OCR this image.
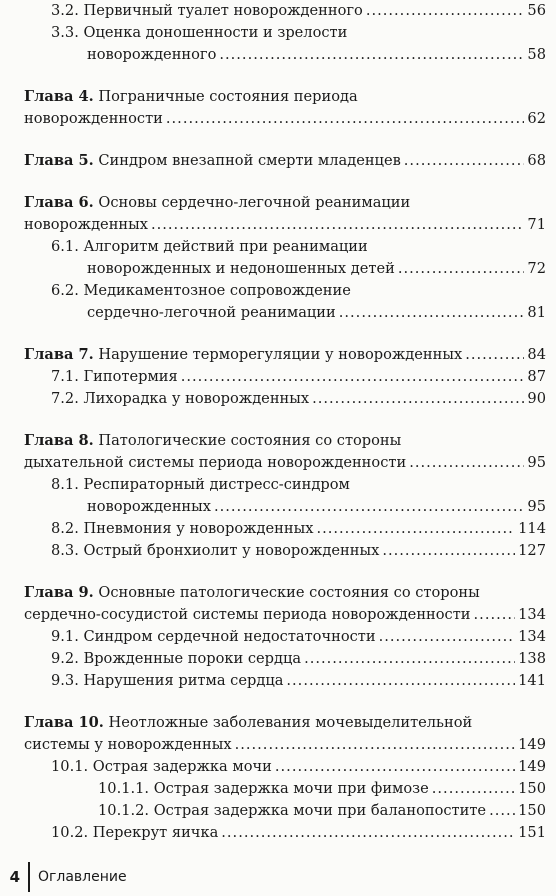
3.2. Первичный туалет новорожденного .....	56
3.3. Оценка доношенности и зрелости
новорожденного .....	58
Глава 4. Пограничные состояния периода
новорожденности .....	62
Глава 5. Синдром внезапной смерти младенцев .....	68
Глава 6. Основы сердечно-легочной реанимации
новорожденных .....	71
6.1. Алгоритм действий при реанимации
новорожденных и недоношенных детей .....	72
6.2. Медикаментозное сопровождение
сердечно-легочной реанимации .....	81
Глава 7. Нарушение терморегуляции у новорожденных .....	84
7.1. Гипотермия .....	87
7.2. Лихорадка у новорожденных .....	90
Глава 8. Патологические состояния со стороны
дыхательной системы периода новорожденности .....	95
8.1. Респираторный дистресс-синдром
новорожденных .....	95
8.2. Пневмония у новорожденных .....	114
8.3. Острый бронхиолит у новорожденных .....	127
Глава 9. Основные патологические состояния со стороны
сердечно-сосудистой системы периода новорожденности .....	134
9.1. Синдром сердечной недостаточности .....	134
9.2. Врожденные пороки сердца .....	138
9.3. Нарушения ритма сердца .....	141
Глава 10. Неотложные заболевания мочевыделительной
системы у новорожденных .....	149
10.1. Острая задержка мочи .....	149
10.1.1. Острая задержка мочи при фимозе .....	150
10.1.2. Острая задержка мочи при баланопостите ..... 150
10.2. Перекрут яичка .....	151
4 Оглавление
